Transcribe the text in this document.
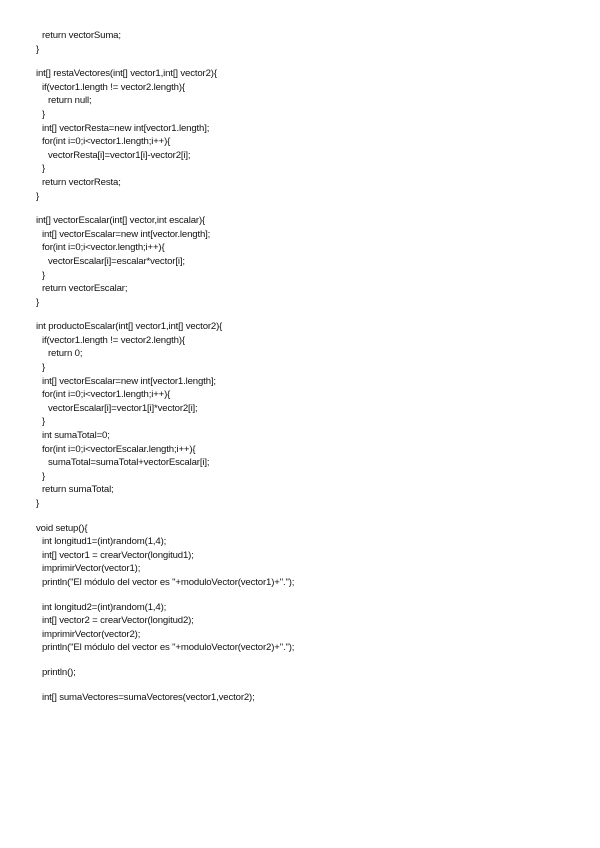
return vectorSuma;
}
int[] restaVectores(int[] vector1,int[] vector2){
if(vector1.length != vector2.length){
return null;
}
int[] vectorResta=new int[vector1.length];
for(int i=0;i<vector1.length;i++){
vectorResta[i]=vector1[i]-vector2[i];
}
return vectorResta;
}
int[] vectorEscalar(int[] vector,int escalar){
int[] vectorEscalar=new int[vector.length];
for(int i=0;i<vector.length;i++){
vectorEscalar[i]=escalar*vector[i];
}
return vectorEscalar;
}
int productoEscalar(int[] vector1,int[] vector2){
if(vector1.length != vector2.length){
return 0;
}
int[] vectorEscalar=new int[vector1.length];
for(int i=0;i<vector1.length;i++){
vectorEscalar[i]=vector1[i]*vector2[i];
}
int sumaTotal=0;
for(int i=0;i<vectorEscalar.length;i++){
sumaTotal=sumaTotal+vectorEscalar[i];
}
return sumaTotal;
}
void setup(){
int longitud1=(int)random(1,4);
int[] vector1 = crearVector(longitud1);
imprimirVector(vector1);
println("El módulo del vector es "+moduloVector(vector1)+".");
int longitud2=(int)random(1,4);
int[] vector2 = crearVector(longitud2);
imprimirVector(vector2);
println("El módulo del vector es "+moduloVector(vector2)+".");
println();
int[] sumaVectores=sumaVectores(vector1,vector2);
